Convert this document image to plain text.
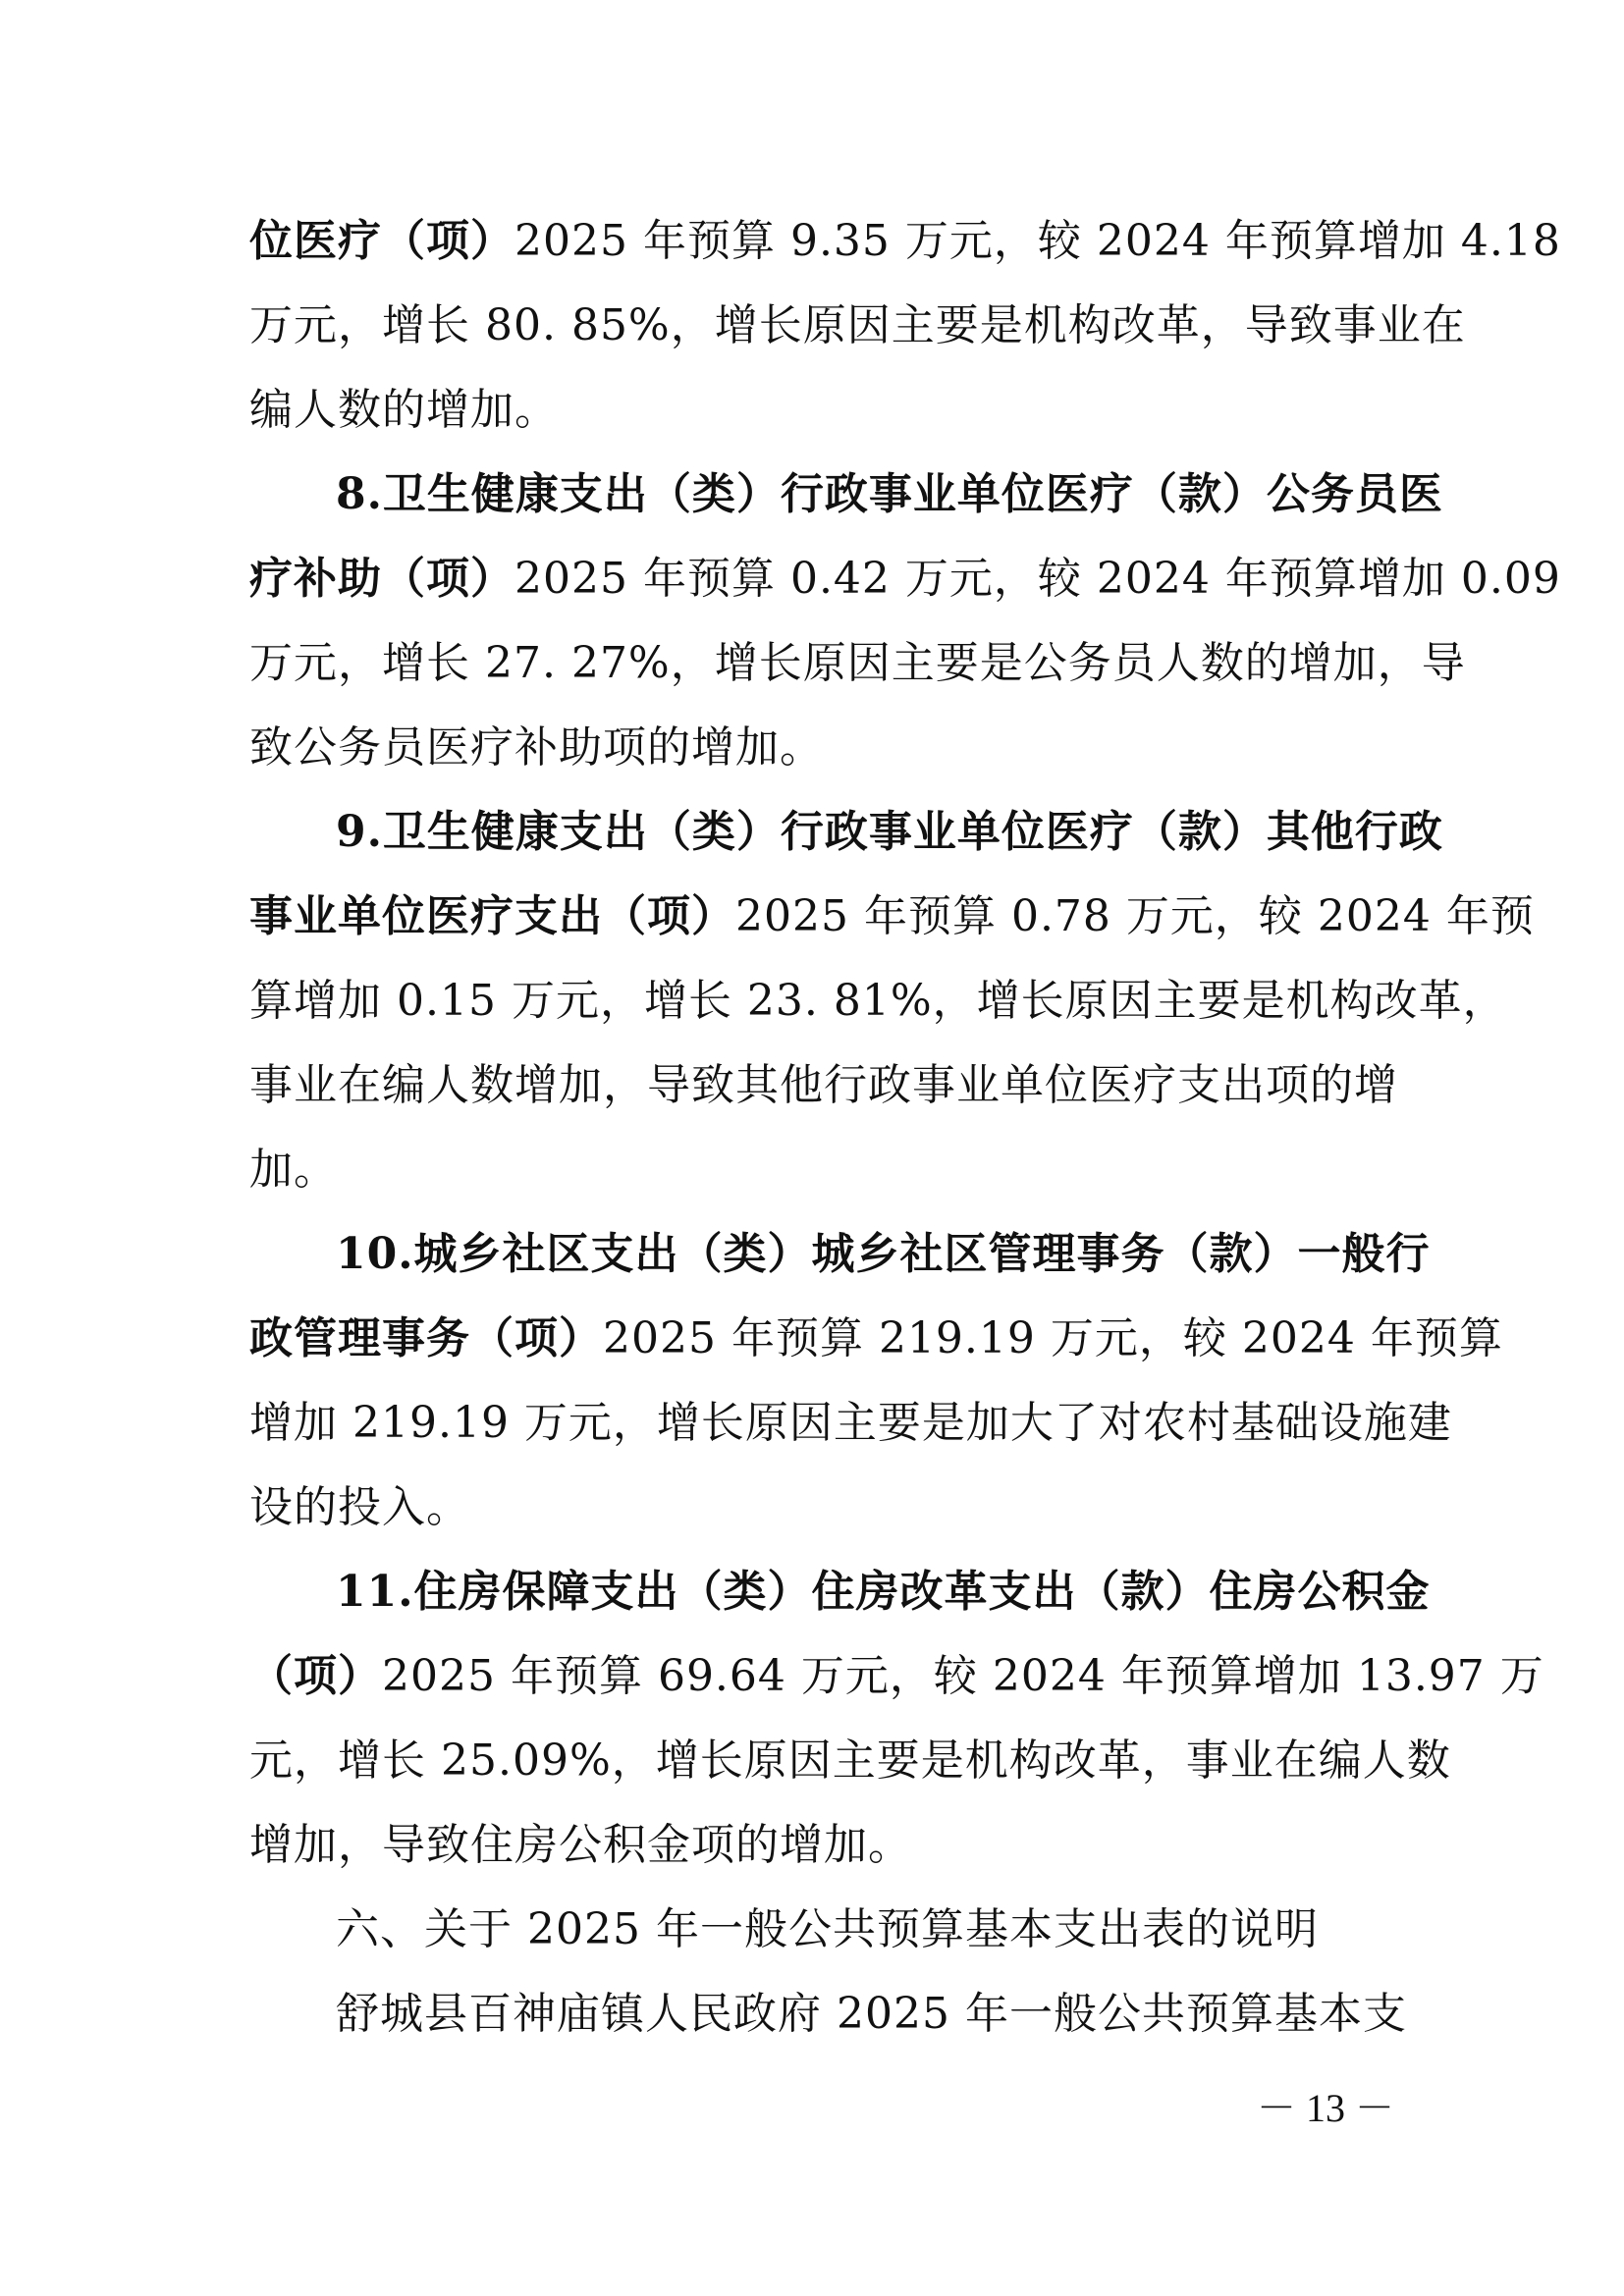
位医疗（项）2025 年预算 9.35 万元，较 2024 年预算增加 4.18
万元，增长 80. 85%，增长原因主要是机构改革，导致事业在
编人数的增加。
8.卫生健康支出（类）行政事业单位医疗（款）公务员医
疗补助（项）2025 年预算 0.42 万元，较 2024 年预算增加 0.09
万元，增长 27. 27%，增长原因主要是公务员人数的增加，导
致公务员医疗补助项的增加。
9.卫生健康支出（类）行政事业单位医疗（款）其他行政
事业单位医疗支出（项）2025 年预算 0.78 万元，较 2024 年预
算增加 0.15 万元，增长 23. 81%，增长原因主要是机构改革，
事业在编人数增加，导致其他行政事业单位医疗支出项的增
加。
10.城乡社区支出（类）城乡社区管理事务（款）一般行
政管理事务（项）2025 年预算 219.19 万元，较 2024 年预算
增加 219.19 万元，增长原因主要是加大了对农村基础设施建
设的投入。
11.住房保障支出（类）住房改革支出（款）住房公积金
（项）2025 年预算 69.64 万元，较 2024 年预算增加 13.97 万
元，增长 25.09%，增长原因主要是机构改革，事业在编人数
增加，导致住房公积金项的增加。
六、关于 2025 年一般公共预算基本支出表的说明
舒城县百神庙镇人民政府 2025 年一般公共预算基本支
－ 13 －
